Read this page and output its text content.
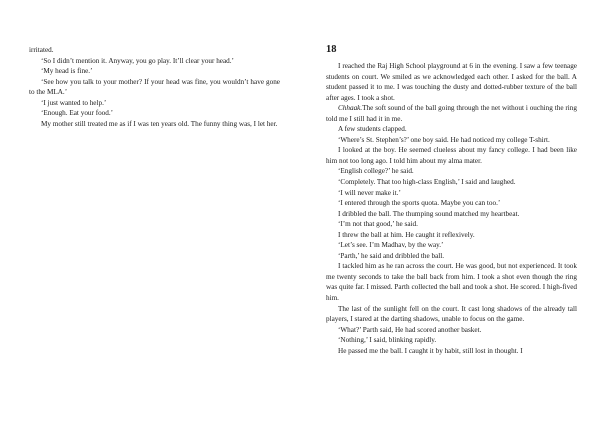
irritated.

‘So I didn’t mention it. Anyway, you go play. It’ll clear your head.’

‘My head is fine.’

‘See how you talk to your mother? If your head was fine, you wouldn’t have gone to the MLA.’

‘I just wanted to help.’

‘Enough. Eat your food.’

My mother still treated me as if I was ten years old. The funny thing was, I let her.

18

I reached the Raj High School playground at 6 in the evening. I saw a few teenage students on court. We smiled as we acknowledged each other. I asked for the ball. A student passed it to me. I was touching the dusty and dotted-rubber texture of the ball after ages. I took a shot.

Chhaak.The soft sound of the ball going through the net without i ouching the ring told me I still had it in me.

A few students clapped.

‘Where’s St. Stephen’s?’ one boy said. He had noticed my college T-shirt.

I looked at the boy. He seemed clueless about my fancy college. I had been like him not too long ago. I told him about my alma mater.

‘English college?’ he said.

‘Completely. That too high-class English,’ I said and laughed.

‘I will never make it.’

‘I entered through the sports quota. Maybe you can too.’

I dribbled the ball. The thumping sound matched my heartbeat.

‘I’m not that good,’ he said.

I threw the ball at him. He caught it reflexively.

‘Let’s see. I’m Madhav, by the way.’

‘Parth,’ he said and dribbled the ball.

I tackled him as he ran across the court. He was good, but not experienced. It took me twenty seconds to take the ball back from him. I took a shot even though the ring was quite far. I missed. Parth collected the ball and took a shot. He scored. I high-fived him.

The last of the sunlight fell on the court. It cast long shadows of the already tall players, I stared at the darting shadows, unable to focus on the game.

‘What?’ Parth said, He had scored another basket.

‘Nothing,’ I said, blinking rapidly.

He passed me the ball. I caught it by habit, still lost in thought. I
